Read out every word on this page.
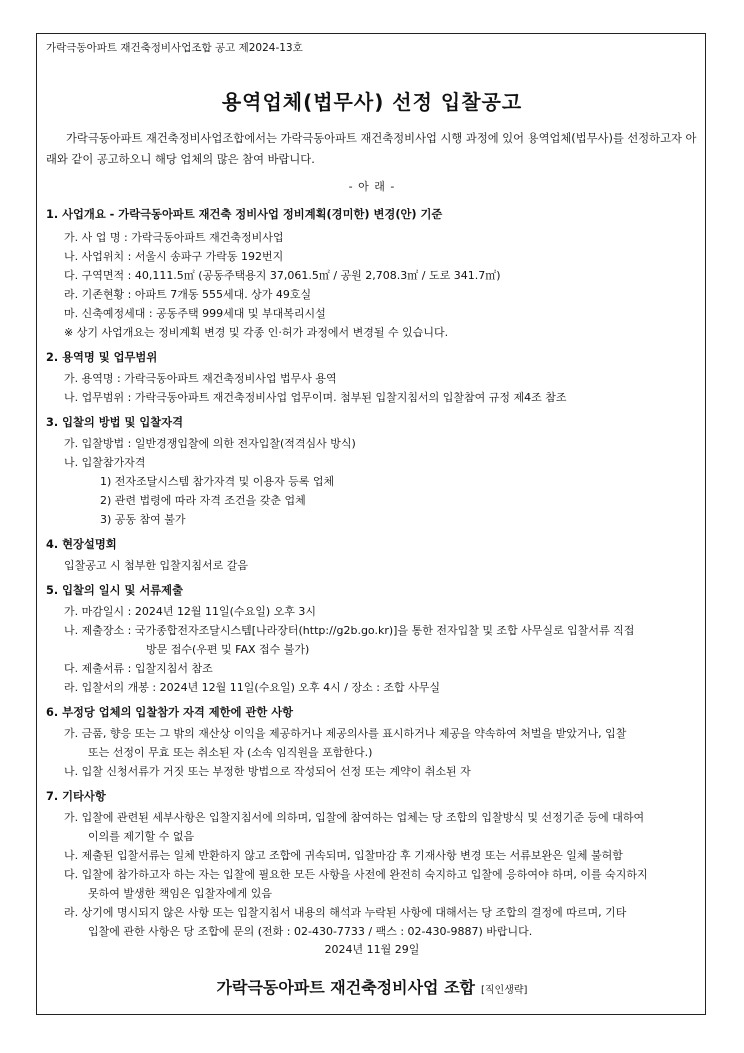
가락극동아파트 재건축정비사업조합 공고 제2024-13호
용역업체(법무사) 선정 입찰공고
가락극동아파트 재건축정비사업조합에서는 가락극동아파트 재건축정비사업 시행 과정에 있어 용역업체(법무사)를 선정하고자 아래와 같이 공고하오니 해당 업체의 많은 참여 바랍니다.
- 아 래 -
1. 사업개요 - 가락극동아파트 재건축 정비사업 정비계획(경미한) 변경(안) 기준
가. 사 업 명 : 가락극동아파트 재건축정비사업
나. 사업위치 : 서울시 송파구 가락동 192번지
다. 구역면적 : 40,111.5㎡ (공동주택용지 37,061.5㎡ / 공원 2,708.3㎡ / 도로 341.7㎡)
라. 기존현황 : 아파트 7개동 555세대. 상가 49호실
마. 신축예정세대 : 공동주택 999세대 및 부대복리시설
※ 상기 사업개요는 정비계획 변경 및 각종 인·허가 과정에서 변경될 수 있습니다.
2. 용역명 및 업무범위
가. 용역명 : 가락극동아파트 재건축정비사업 법무사 용역
나. 업무범위 : 가락극동아파트 재건축정비사업 업무이며. 첨부된 입찰지침서의 입찰참여 규정 제4조 참조
3. 입찰의 방법 및 입찰자격
가. 입찰방법 : 일반경쟁입찰에 의한 전자입찰(적격심사 방식)
나. 입찰참가자격
1) 전자조달시스템 참가자격 및 이용자 등록 업체
2) 관련 법령에 따라 자격 조건을 갖춘 업체
3) 공동 참여 불가
4. 현장설명회
입찰공고 시 첨부한 입찰지침서로 갈음
5. 입찰의 일시 및 서류제출
가. 마감일시 : 2024년 12월 11일(수요일) 오후 3시
나. 제출장소 : 국가종합전자조달시스템[나라장터(http://g2b.go.kr)]을 통한 전자입찰 및 조합 사무실로 입찰서류 직접
방문 접수(우편 및 FAX 접수 불가)
다. 제출서류 : 입찰지침서 참조
라. 입찰서의 개봉 : 2024년 12월 11일(수요일) 오후 4시 / 장소 : 조합 사무실
6. 부정당 업체의 입찰참가 자격 제한에 관한 사항
가. 금품, 향응 또는 그 밖의 재산상 이익을 제공하거나 제공의사를 표시하거나 제공을 약속하여 처벌을 받았거나, 입찰
또는 선정이 무효 또는 취소된 자 (소속 임직원을 포함한다.)
나. 입찰 신청서류가 거짓 또는 부정한 방법으로 작성되어 선정 또는 계약이 취소된 자
7. 기타사항
가. 입찰에 관련된 세부사항은 입찰지침서에 의하며, 입찰에 참여하는 업체는 당 조합의 입찰방식 및 선정기준 등에 대하여
이의를 제기할 수 없음
나. 제출된 입찰서류는 일체 반환하지 않고 조합에 귀속되며, 입찰마감 후 기재사항 변경 또는 서류보완은 일체 불허함
다. 입찰에 참가하고자 하는 자는 입찰에 필요한 모든 사항을 사전에 완전히 숙지하고 입찰에 응하여야 하며, 이를 숙지하지
못하여 발생한 책임은 입찰자에게 있음
라. 상기에 명시되지 않은 사항 또는 입찰지침서 내용의 해석과 누락된 사항에 대해서는 당 조합의 결정에 따르며, 기타
입찰에 관한 사항은 당 조합에 문의 (전화 : 02-430-7733 / 팩스 : 02-430-9887) 바랍니다.
2024년 11월 29일
가락극동아파트 재건축정비사업 조합 [직인생략]
